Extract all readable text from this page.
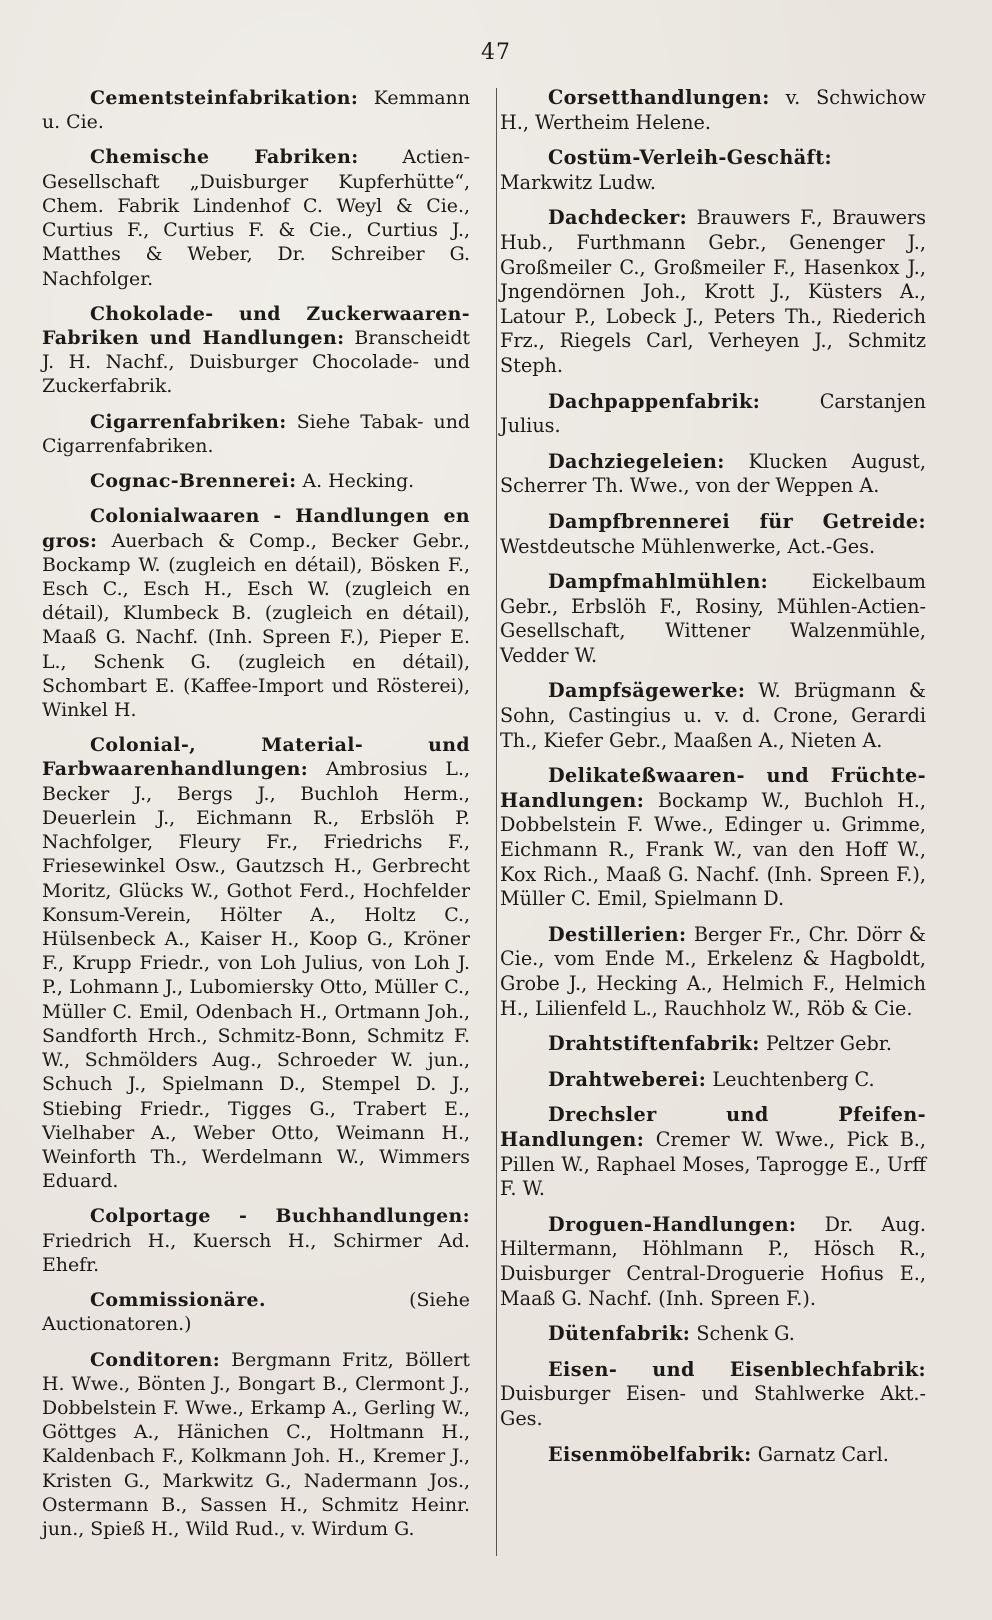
47

Cementsteinfabrikation: Kemmann u. Cie.

Chemische Fabriken: Actien-Gesellschaft „Duisburger Kupferhütte“, Chem. Fabrik Lindenhof C. Weyl & Cie., Curtius F., Curtius F. & Cie., Curtius J., Matthes & Weber, Dr. Schreiber G. Nachfolger.

Chokolade- und Zuckerwaaren-Fabriken und Handlungen: Branscheidt J. H. Nachf., Duisburger Chocolade- und Zuckerfabrik.

Cigarrenfabriken: Siehe Tabak- und Cigarrenfabriken.

Cognac-Brennerei: A. Hecking.

Colonialwaaren - Handlungen en gros: Auerbach & Comp., Becker Gebr., Bockamp W. (zugleich en détail), Bösken F., Esch C., Esch H., Esch W. (zugleich en détail), Klumbeck B. (zugleich en détail), Maaß G. Nachf. (Inh. Spreen F.), Pieper E. L., Schenk G. (zugleich en détail), Schombart E. (Kaffee-Import und Rösterei), Winkel H.

Colonial-, Material- und Farbwaarenhandlungen: Ambrosius L., Becker J., Bergs J., Buchloh Herm., Deuerlein J., Eichmann R., Erbslöh P. Nachfolger, Fleury Fr., Friedrichs F., Friesewinkel Osw., Gautzsch H., Gerbrecht Moritz, Glücks W., Gothot Ferd., Hochfelder Konsum-Verein, Hölter A., Holtz C., Hülsenbeck A., Kaiser H., Koop G., Kröner F., Krupp Friedr., von Loh Julius, von Loh J. P., Lohmann J., Lubomiersky Otto, Müller C., Müller C. Emil, Odenbach H., Ortmann Joh., Sandforth Hrch., Schmitz-Bonn, Schmitz F. W., Schmölders Aug., Schroeder W. jun., Schuch J., Spielmann D., Stempel D. J., Stiebing Friedr., Tigges G., Trabert E., Vielhaber A., Weber Otto, Weimann H., Weinforth Th., Werdelmann W., Wimmers Eduard.

Colportage - Buchhandlungen: Friedrich H., Kuersch H., Schirmer Ad. Ehefr.

Commissionäre.	(Siehe Auctionatoren.)

Conditoren: Bergmann Fritz, Böllert H. Wwe., Bönten J., Bongart B., Clermont J., Dobbelstein F. Wwe., Erkamp A., Gerling W., Göttges A., Hänichen C., Holtmann H., Kaldenbach F., Kolkmann Joh. H., Kremer J., Kristen G., Markwitz G., Nadermann Jos., Ostermann B., Sassen H., Schmitz Heinr. jun., Spieß H., Wild Rud., v. Wirdum G.

Corsetthandlungen: v. Schwichow H., Wertheim Helene.

Costüm-Verleih-Geschäft: Markwitz Ludw.

Dachdecker: Brauwers F., Brauwers Hub., Furthmann Gebr., Genenger J., Großmeiler C., Großmeiler F., Hasenkox J., Jngendörnen Joh., Krott J., Küsters A., Latour P., Lobeck J., Peters Th., Riederich Frz., Riegels Carl, Verheyen J., Schmitz Steph.

Dachpappenfabrik:	Carstanjen Julius.

Dachziegeleien: Klucken August, Scherrer Th. Wwe., von der Weppen A.

Dampfbrennerei für Getreide: Westdeutsche Mühlenwerke, Act.-Ges.

Dampfmahlmühlen: Eickelbaum Gebr., Erbslöh F., Rosiny, Mühlen-Actien-Gesellschaft, Wittener Walzenmühle, Vedder W.

Dampfsägewerke: W. Brügmann & Sohn, Castingius u. v. d. Crone, Gerardi Th., Kiefer Gebr., Maaßen A., Nieten A.

Delikateßwaaren- und Früchte-Handlungen: Bockamp W., Buchloh H., Dobbelstein F. Wwe., Edinger u. Grimme, Eichmann R., Frank W., van den Hoff W., Kox Rich., Maaß G. Nachf. (Inh. Spreen F.), Müller C. Emil, Spielmann D.

Destillerien: Berger Fr., Chr. Dörr & Cie., vom Ende M., Erkelenz & Hagboldt, Grobe J., Hecking A., Helmich F., Helmich H., Lilienfeld L., Rauchholz W., Röb & Cie.

Drahtstiftenfabrik: Peltzer Gebr.

Drahtweberei: Leuchtenberg C.

Drechsler und Pfeifen-Handlungen: Cremer W. Wwe., Pick B., Pillen W., Raphael Moses, Taprogge E., Urff F. W.

Droguen-Handlungen: Dr. Aug. Hiltermann, Höhlmann P., Hösch R., Duisburger Central-Droguerie Hofius E., Maaß G. Nachf. (Inh. Spreen F.).

Dütenfabrik: Schenk G.

Eisen- und Eisenblechfabrik: Duisburger Eisen- und Stahlwerke Akt.-Ges.

Eisenmöbelfabrik: Garnatz Carl.
